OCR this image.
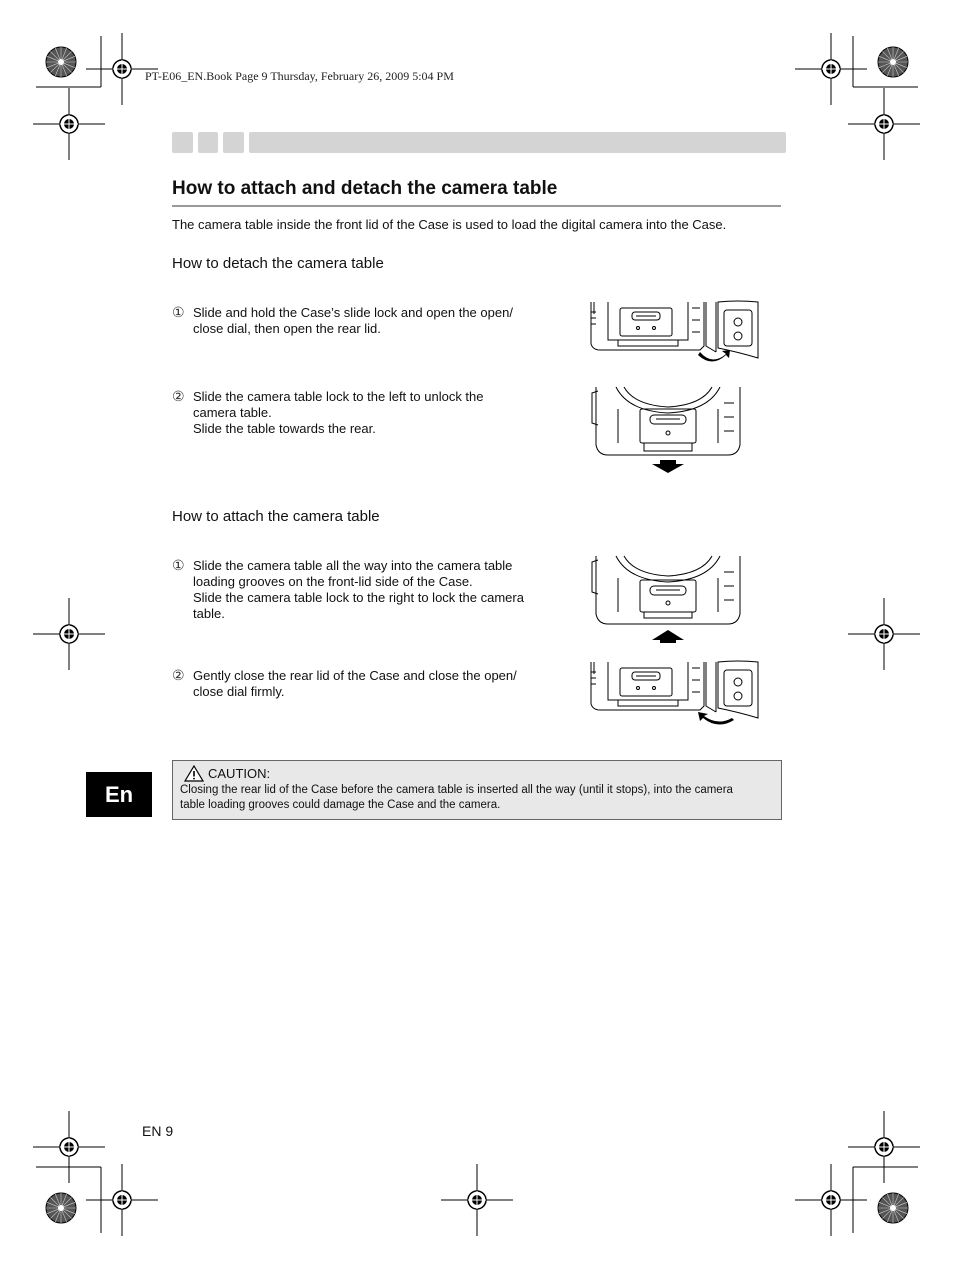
PT-E06_EN.Book Page 9 Thursday, February 26, 2009 5:04 PM
How to attach and detach the camera table
The camera table inside the front lid of the Case is used to load the digital camera into the Case.
How to detach the camera table
① Slide and hold the Case’s slide lock and open the open/
close dial, then open the rear lid.
② Slide the camera table lock to the left to unlock the
camera table.
Slide the table towards the rear.
How to attach the camera table
① Slide the camera table all the way into the camera table
loading grooves on the front-lid side of the Case.
Slide the camera table lock to the right to lock the camera
table.
② Gently close the rear lid of the Case and close the open/
close dial firmly.
En
CAUTION:
Closing the rear lid of the Case before the camera table is inserted all the way (until it stops), into the camera
table loading grooves could damage the Case and the camera.
EN 9
